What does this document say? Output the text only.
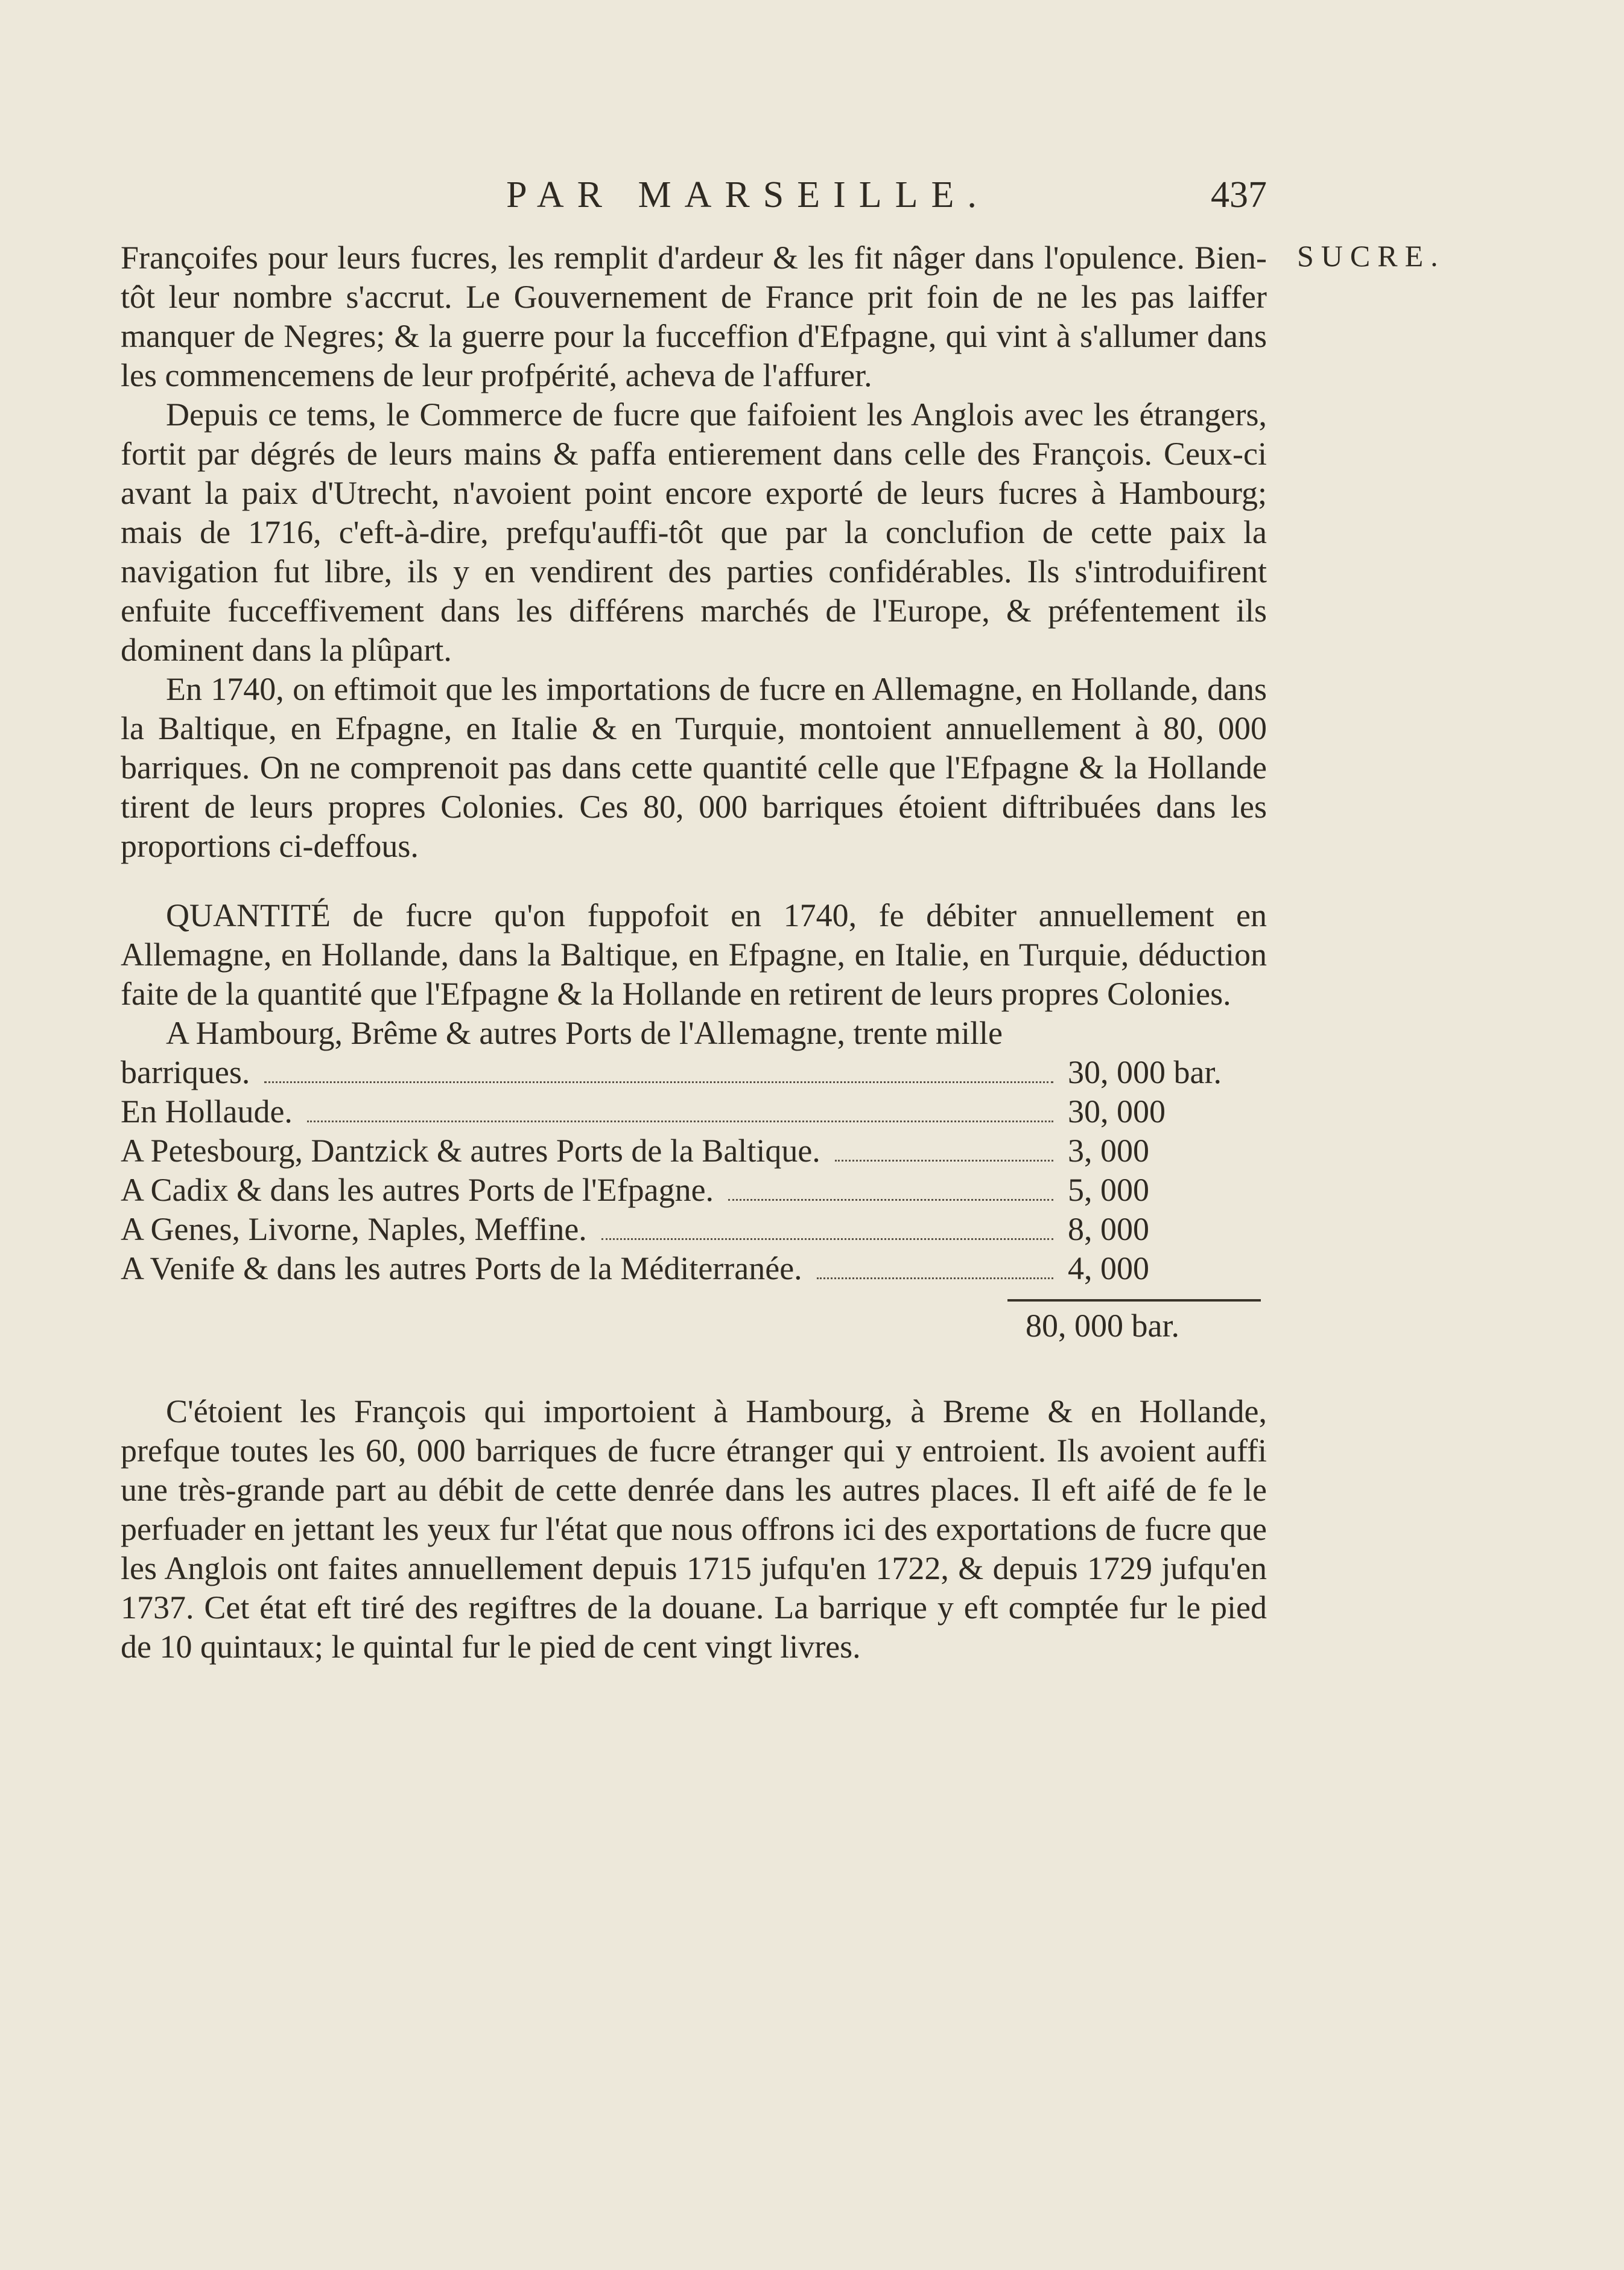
PAR MARSEILLE.	437
SUCRE.

Françoifes pour leurs fucres, les remplit d'ardeur & les fit nâger dans l'opulence. Bien-tôt leur nombre s'accrut. Le Gouvernement de France prit foin de ne les pas laiffer manquer de Negres; & la guerre pour la fucceffion d'Efpagne, qui vint à s'allumer dans les commencemens de leur profpérité, acheva de l'affurer.

Depuis ce tems, le Commerce de fucre que faifoient les Anglois avec les étrangers, fortit par dégrés de leurs mains & paffa entierement dans celle des François. Ceux-ci avant la paix d'Utrecht, n'avoient point encore exporté de leurs fucres à Hambourg; mais de 1716, c'eft-à-dire, prefqu'auffi-tôt que par la conclufion de cette paix la navigation fut libre, ils y en vendirent des parties confidérables. Ils s'introduifirent enfuite fucceffivement dans les différens marchés de l'Europe, & préfentement ils dominent dans la plûpart.

En 1740, on eftimoit que les importations de fucre en Allemagne, en Hollande, dans la Baltique, en Efpagne, en Italie & en Turquie, montoient annuellement à 80, 000 barriques. On ne comprenoit pas dans cette quantité celle que l'Efpagne & la Hollande tirent de leurs propres Colonies. Ces 80, 000 barriques étoient diftribuées dans les proportions ci-deffous.

QUANTITÉ de fucre qu'on fuppofoit en 1740, fe débiter annuellement en Allemagne, en Hollande, dans la Baltique, en Efpagne, en Italie, en Turquie, déduction faite de la quantité que l'Efpagne & la Hollande en retirent de leurs propres Colonies.

A Hambourg, Brême & autres Ports de l'Allemagne, trente mille
barriques.	30, 000 bar.
En Hollaude.	30, 000
A Petesbourg, Dantzick & autres Ports de la Baltique.	3, 000
A Cadix & dans les autres Ports de l'Efpagne.	5, 000
A Genes, Livorne, Naples, Meffine.	8, 000
A Venife & dans les autres Ports de la Méditerranée.	4, 000
80, 000 bar.

C'étoient les François qui importoient à Hambourg, à Breme & en Hollande, prefque toutes les 60, 000 barriques de fucre étranger qui y entroient. Ils avoient auffi une très-grande part au débit de cette denrée dans les autres places. Il eft aifé de fe le perfuader en jettant les yeux fur l'état que nous offrons ici des exportations de fucre que les Anglois ont faites annuellement depuis 1715 jufqu'en 1722, & depuis 1729 jufqu'en 1737. Cet état eft tiré des regiftres de la douane. La barrique y eft comptée fur le pied de 10 quintaux; le quintal fur le pied de cent vingt livres.
